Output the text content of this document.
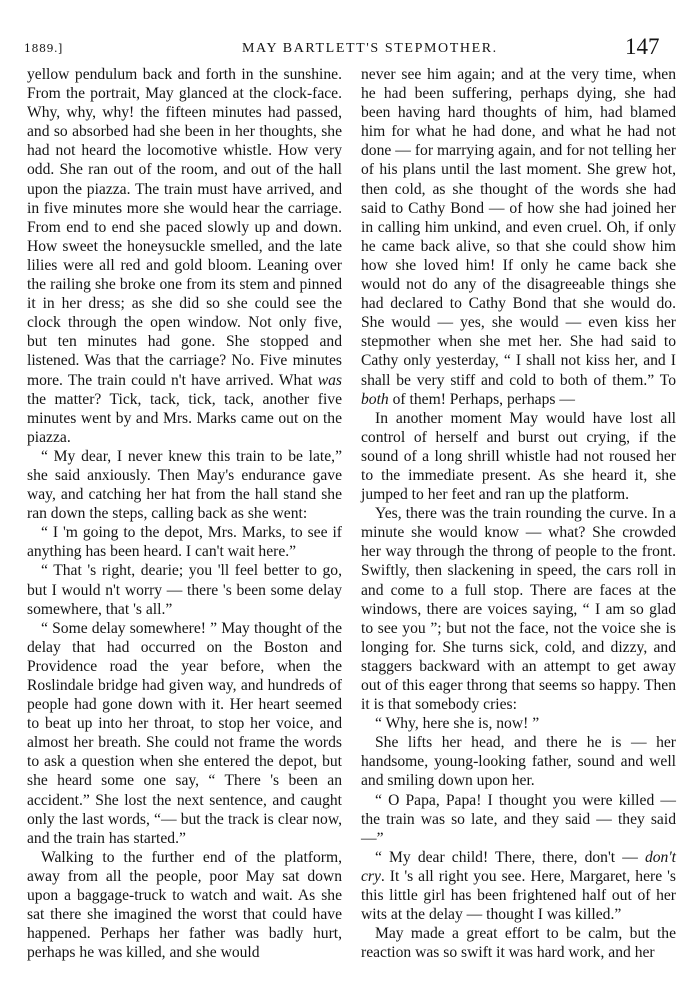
1889.]	MAY BARTLETT'S STEPMOTHER.	147

yellow pendulum back and forth in the sunshine. From the portrait, May glanced at the clock-face. Why, why, why! the fifteen minutes had passed, and so absorbed had she been in her thoughts, she had not heard the locomotive whistle. How very odd. She ran out of the room, and out of the hall upon the piazza. The train must have arrived, and in five minutes more she would hear the carriage. From end to end she paced slowly up and down. How sweet the honeysuckle smelled, and the late lilies were all red and gold bloom. Leaning over the railing she broke one from its stem and pinned it in her dress; as she did so she could see the clock through the open window. Not only five, but ten minutes had gone. She stopped and listened. Was that the carriage? No. Five minutes more. The train could n't have arrived. What was the matter? Tick, tack, tick, tack, another five minutes went by and Mrs. Marks came out on the piazza.

“ My dear, I never knew this train to be late,” she said anxiously. Then May's endurance gave way, and catching her hat from the hall stand she ran down the steps, calling back as she went:

“ I 'm going to the depot, Mrs. Marks, to see if anything has been heard. I can't wait here.”

“ That 's right, dearie; you 'll feel better to go, but I would n't worry — there 's been some delay somewhere, that 's all.”

“ Some delay somewhere! ” May thought of the delay that had occurred on the Boston and Providence road the year before, when the Roslindale bridge had given way, and hundreds of people had gone down with it. Her heart seemed to beat up into her throat, to stop her voice, and almost her breath. She could not frame the words to ask a question when she entered the depot, but she heard some one say, “ There 's been an accident.” She lost the next sentence, and caught only the last words, “— but the track is clear now, and the train has started.”

Walking to the further end of the platform, away from all the people, poor May sat down upon a baggage-truck to watch and wait. As she sat there she imagined the worst that could have happened. Perhaps her father was badly hurt, perhaps he was killed, and she would

never see him again; and at the very time, when he had been suffering, perhaps dying, she had been having hard thoughts of him, had blamed him for what he had done, and what he had not done — for marrying again, and for not telling her of his plans until the last moment. She grew hot, then cold, as she thought of the words she had said to Cathy Bond — of how she had joined her in calling him unkind, and even cruel. Oh, if only he came back alive, so that she could show him how she loved him! If only he came back she would not do any of the disagreeable things she had declared to Cathy Bond that she would do. She would — yes, she would — even kiss her stepmother when she met her. She had said to Cathy only yesterday, “ I shall not kiss her, and I shall be very stiff and cold to both of them.” To both of them! Perhaps, perhaps —

In another moment May would have lost all control of herself and burst out crying, if the sound of a long shrill whistle had not roused her to the immediate present. As she heard it, she jumped to her feet and ran up the platform.

Yes, there was the train rounding the curve. In a minute she would know — what? She crowded her way through the throng of people to the front. Swiftly, then slackening in speed, the cars roll in and come to a full stop. There are faces at the windows, there are voices saying, “ I am so glad to see you ”; but not the face, not the voice she is longing for. She turns sick, cold, and dizzy, and staggers backward with an attempt to get away out of this eager throng that seems so happy. Then it is that somebody cries:

“ Why, here she is, now! ”

She lifts her head, and there he is — her handsome, young-looking father, sound and well and smiling down upon her.

“ O Papa, Papa! I thought you were killed — the train was so late, and they said — they said —”

“ My dear child! There, there, don't — don't cry. It 's all right you see. Here, Margaret, here 's this little girl has been frightened half out of her wits at the delay — thought I was killed.”

May made a great effort to be calm, but the reaction was so swift it was hard work, and her
